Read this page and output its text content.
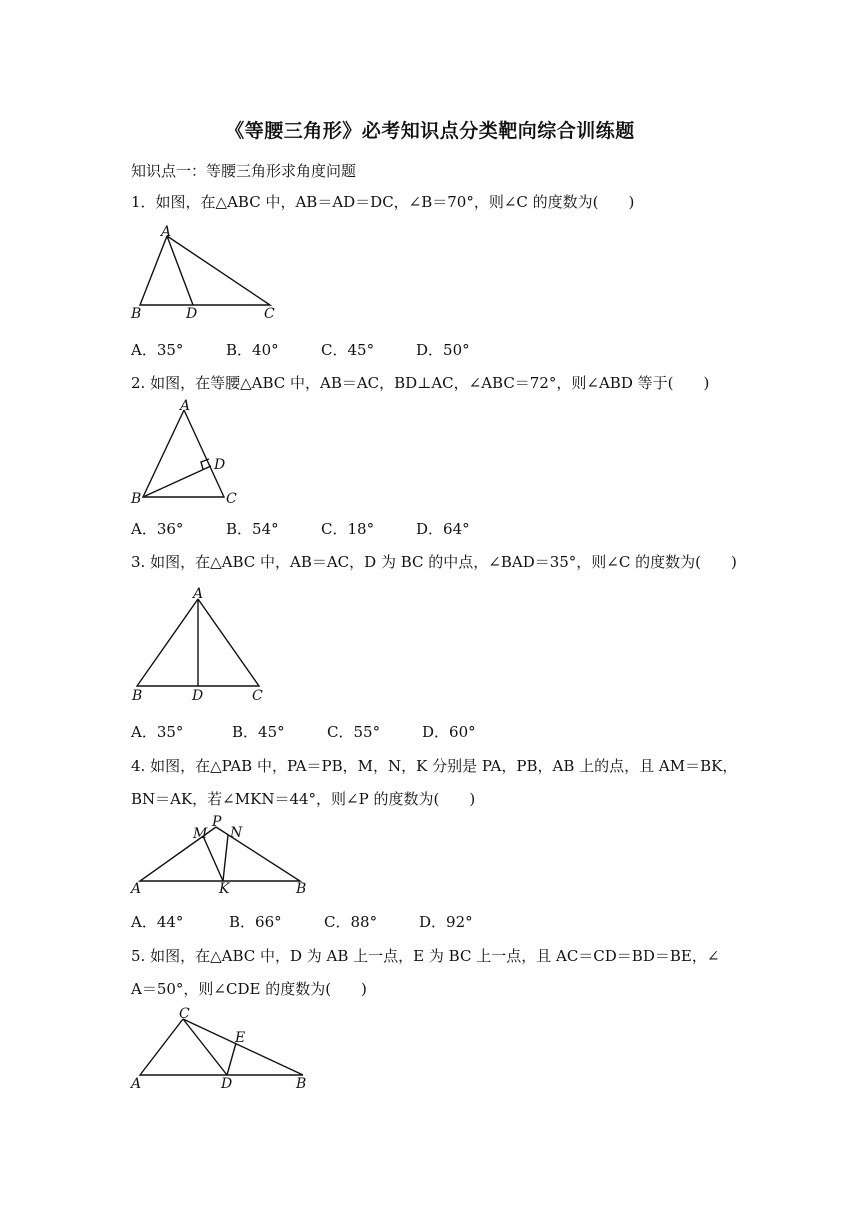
《等腰三角形》必考知识点分类靶向综合训练题
知识点一：等腰三角形求角度问题
1．如图，在△ABC 中，AB＝AD＝DC，∠B＝70°，则∠C 的度数为(　　)
A
B	D	C
A．35°	B．40°	C．45°	D．50°
2. 如图，在等腰△ABC 中，AB＝AC，BD⊥AC，∠ABC＝72°，则∠ABD 等于(　　)
A
D
B	C
A．36°	B．54°	C．18°	D．64°
3. 如图，在△ABC 中，AB＝AC，D 为 BC 的中点，∠BAD＝35°，则∠C 的度数为(　　)
A
B	D	C
A．35°	B．45°	C．55°	D．60°
4. 如图，在△PAB 中，PA＝PB，M，N，K 分别是 PA，PB，AB 上的点，且 AM＝BK，
BN＝AK，若∠MKN＝44°，则∠P 的度数为(　　)
P
M N
A	K	B
A．44°	B．66°	C．88°	D．92°
5. 如图，在△ABC 中，D 为 AB 上一点，E 为 BC 上一点，且 AC＝CD＝BD＝BE，∠
A＝50°，则∠CDE 的度数为(　　)
C
E
A	D	B
